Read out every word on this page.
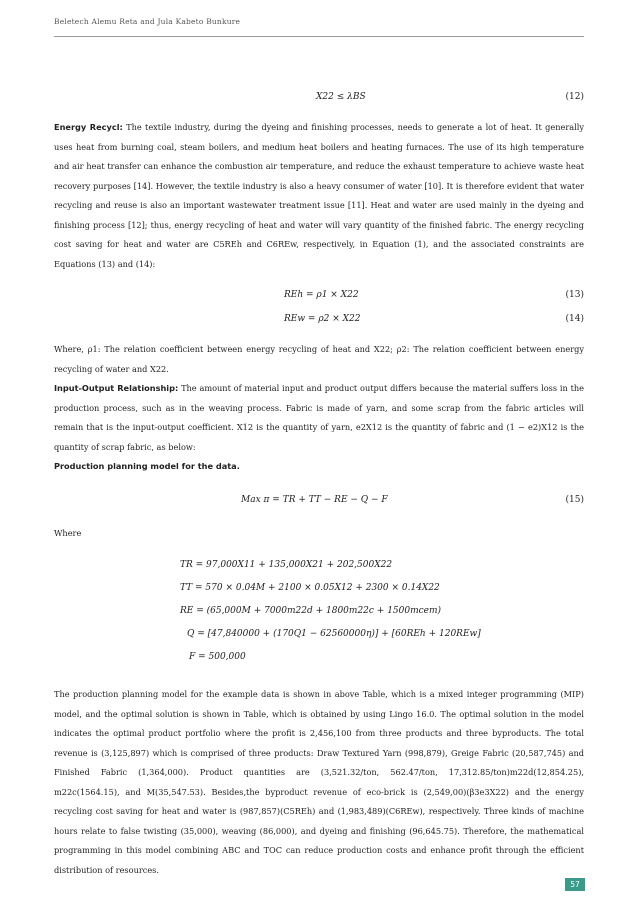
Beletech Alemu Reta and Jula Kabeto Bunkure
X22 ≤ λBS	(12)
Energy Recycl: The textile industry, during the dyeing and finishing processes, needs to generate a lot of heat. It generally uses heat from burning coal, steam boilers, and medium heat boilers and heating furnaces. The use of its high temperature and air heat transfer can enhance the combustion air temperature, and reduce the exhaust temperature to achieve waste heat recovery purposes [14]. However, the textile industry is also a heavy consumer of water [10]. It is therefore evident that water recycling and reuse is also an important wastewater treatment issue [11]. Heat and water are used mainly in the dyeing and finishing process [12]; thus, energy recycling of heat and water will vary quantity of the finished fabric. The energy recycling cost saving for heat and water are C5REh and C6REw, respectively, in Equation (1), and the associated constraints are Equations (13) and (14):
REh = ρ1 × X22	(13)
REw = ρ2 × X22	(14)
Where, ρ1: The relation coefficient between energy recycling of heat and X22; ρ2: The relation coefficient between energy recycling of water and X22.
Input-Output Relationship: The amount of material input and product output differs because the material suffers loss in the production process, such as in the weaving process. Fabric is made of yarn, and some scrap from the fabric articles will remain that is the input-output coefficient. X12 is the quantity of yarn, e2X12 is the quantity of fabric and (1 − e2)X12 is the quantity of scrap fabric, as below:
Production planning model for the data.
Max π = TR + TT − RE − Q − F	(15)
Where
TR = 97,000X11 + 135,000X21 + 202,500X22
TT = 570 × 0.04M + 2100 × 0.05X12 + 2300 × 0.14X22
RE = (65,000M + 7000m22d + 1800m22c + 1500mcem)
Q = [47,840000 + (170Q1 − 62560000η)] + [60REh + 120REw]
F = 500,000
The production planning model for the example data is shown in above Table, which is a mixed integer programming (MIP) model, and the optimal solution is shown in Table, which is obtained by using Lingo 16.0. The optimal solution in the model indicates the optimal product portfolio where the profit is 2,456,100 from three products and three byproducts. The total revenue is (3,125,897) which is comprised of three products: Draw Textured Yarn (998,879), Greige Fabric (20,587,745) and Finished Fabric (1,364,000). Product quantities are (3,521.32/ton, 562.47/ton, 17,312.85/ton)m22d(12,854.25), m22c(1564.15), and M(35,547.53). Besides,the byproduct revenue of eco-brick is (2,549,00)(β3e3X22) and the energy recycling cost saving for heat and water is (987,857)(C5REh) and (1,983,489)(C6REw), respectively. Three kinds of machine hours relate to false twisting (35,000), weaving (86,000), and dyeing and finishing (96,645.75). Therefore, the mathematical programming in this model combining ABC and TOC can reduce production costs and enhance profit through the efficient distribution of resources.
57
